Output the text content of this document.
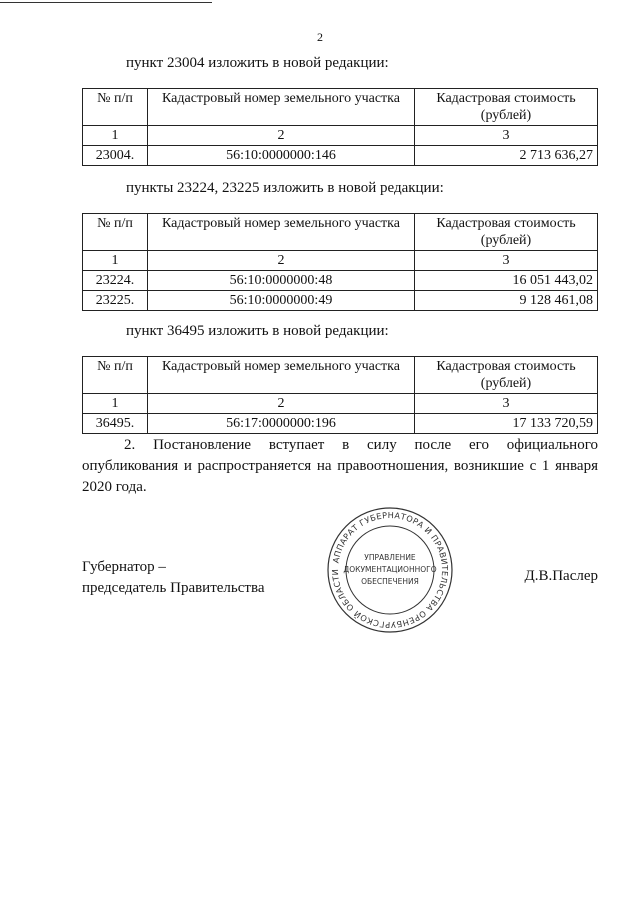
2
пункт 23004 изложить в новой редакции:
№ п/п	Кадастровый номер земельного участка	Кадастровая стоимость (рублей)
1	2	3
23004.	56:10:0000000:146	2 713 636,27
пункты 23224, 23225 изложить в новой редакции:
№ п/п	Кадастровый номер земельного участка	Кадастровая стоимость (рублей)
1	2	3
23224.	56:10:0000000:48	16 051 443,02
23225.	56:10:0000000:49	9 128 461,08
пункт 36495 изложить в новой редакции:
№ п/п	Кадастровый номер земельного участка	Кадастровая стоимость (рублей)
1	2	3
36495.	56:17:0000000:196	17 133 720,59

2. Постановление вступает в силу после его официального опубликования и распространяется на правоотношения, возникшие с 1 января 2020 года.

Губернатор –
председатель Правительства
АППАРАТ ГУБЕРНАТОРА И ПРАВИТЕЛЬСТВА ОРЕНБУРГСКОЙ ОБЛАСТИ
УПРАВЛЕНИЕ
ДОКУМЕНТАЦИОННОГО
ОБЕСПЕЧЕНИЯ	Д.В.Паслер
